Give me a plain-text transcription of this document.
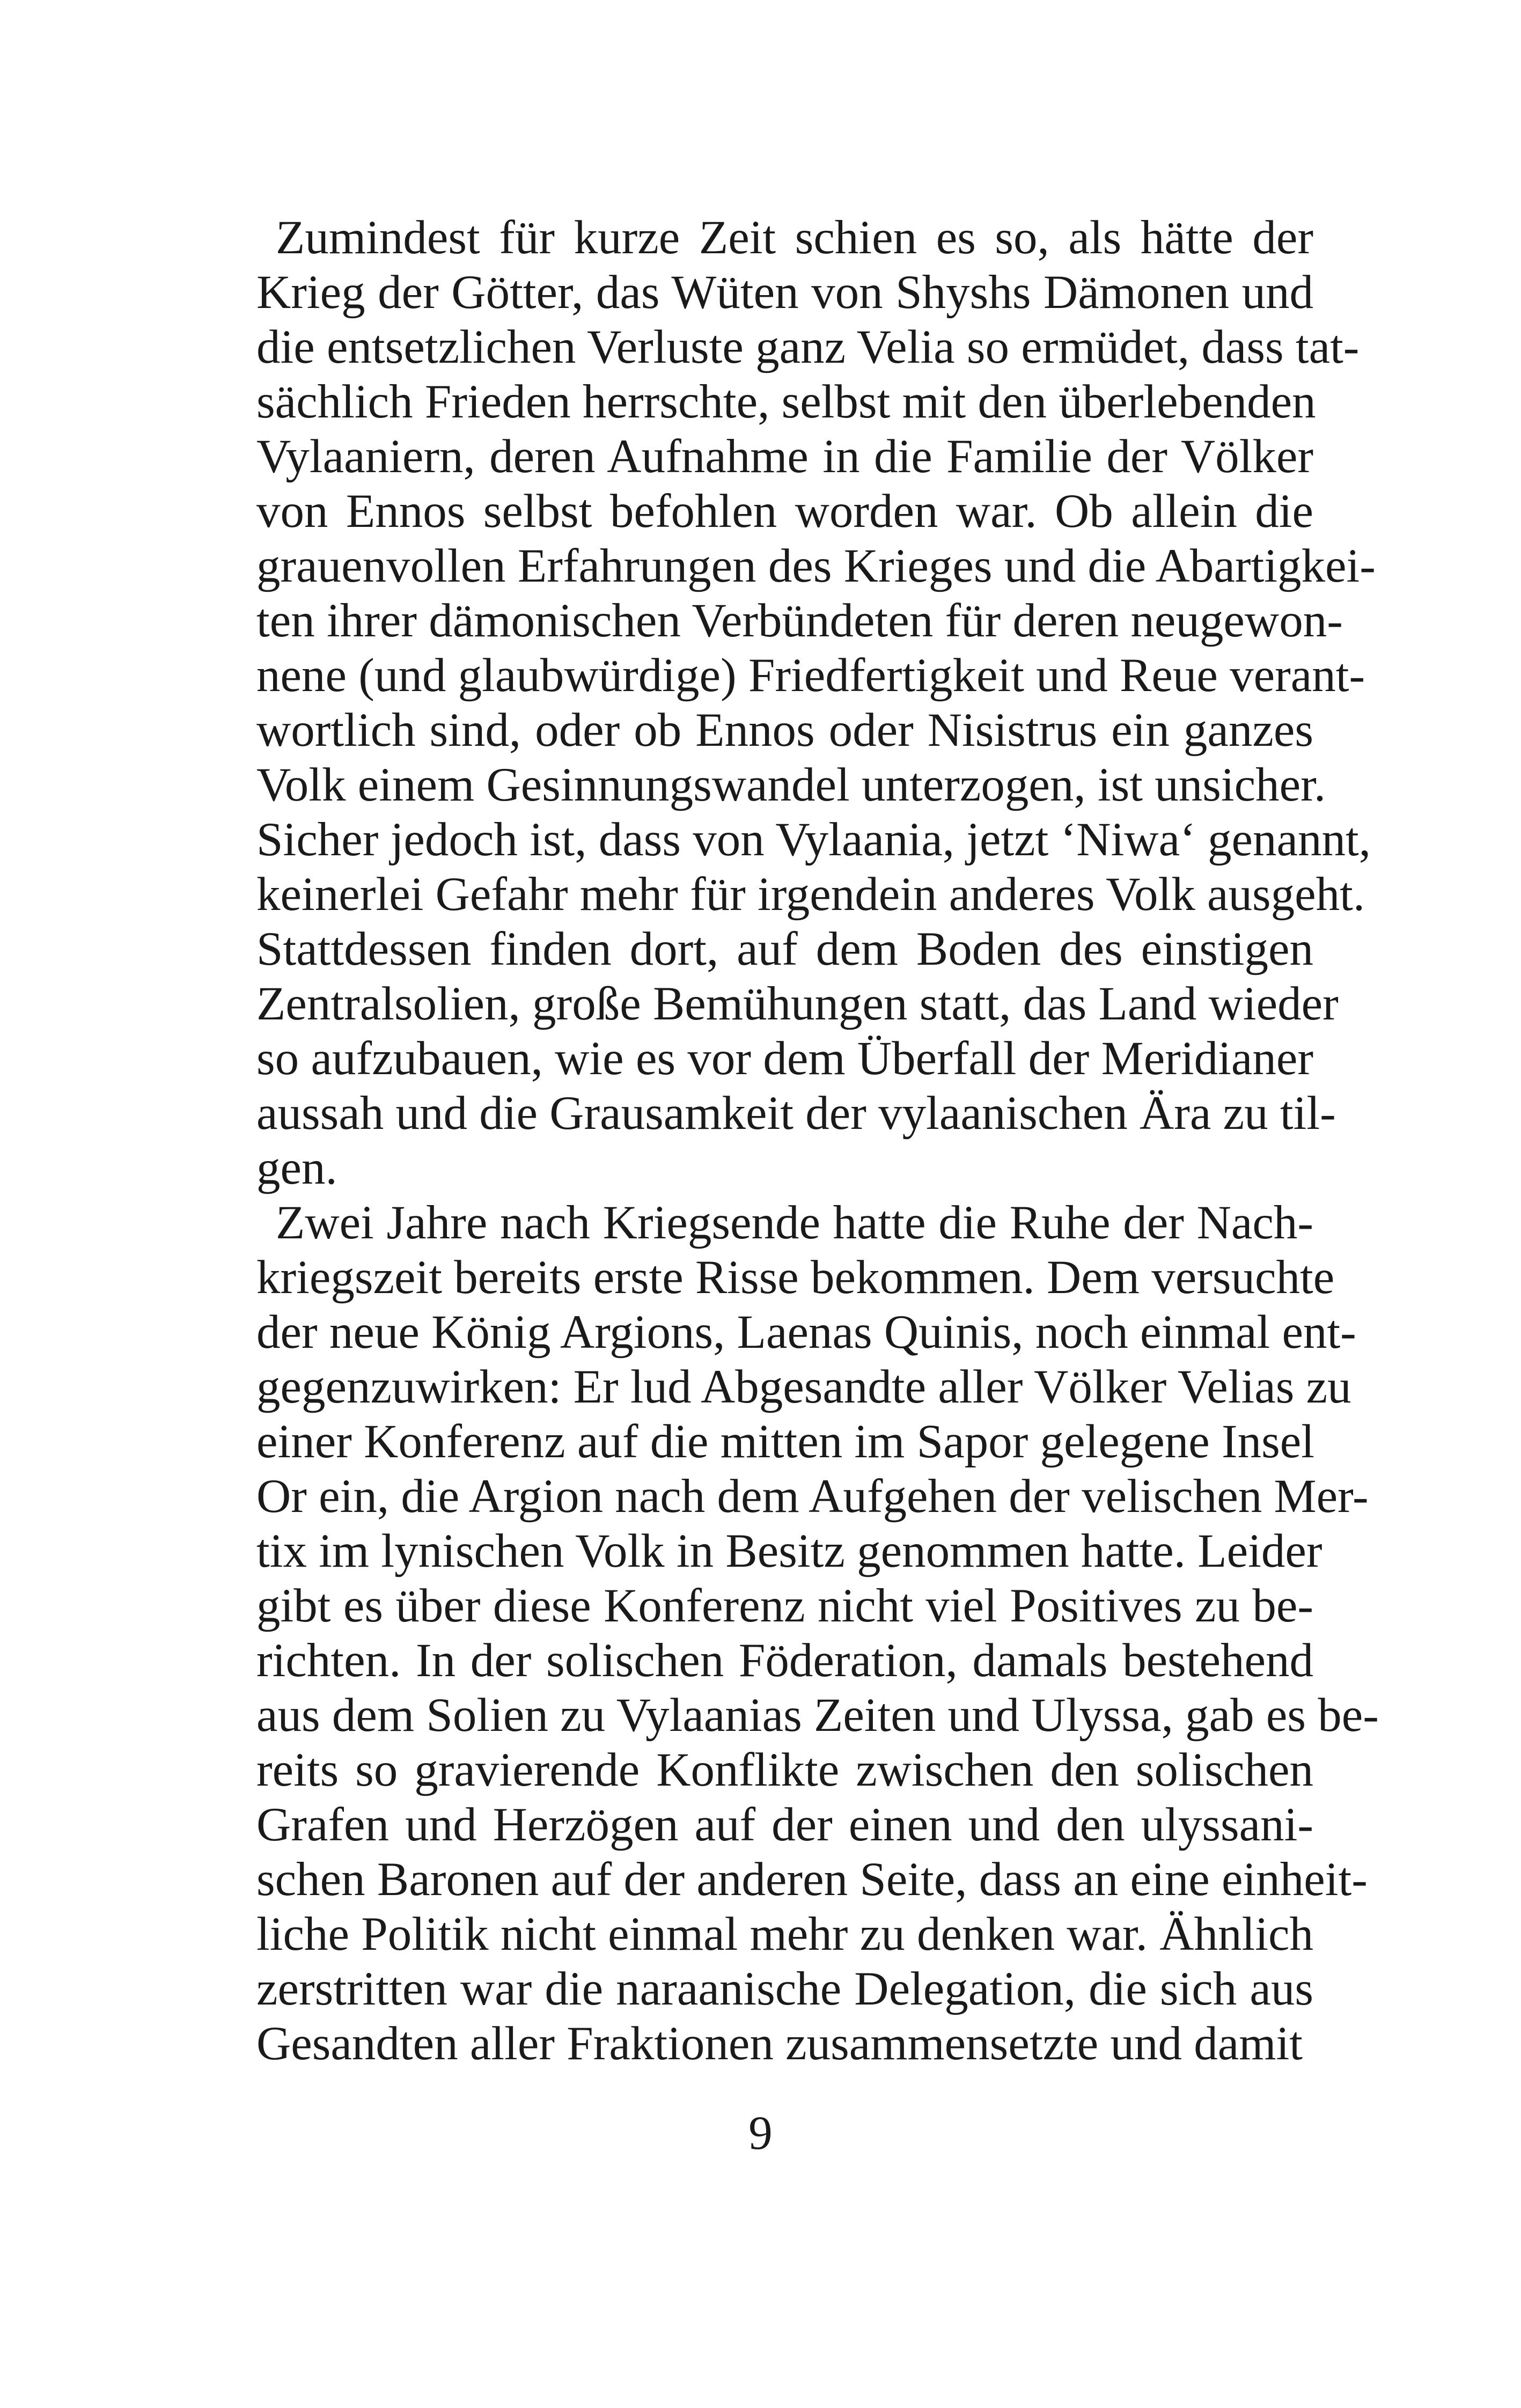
Zumindest für kurze Zeit schien es so, als hätte der
Krieg der Götter, das Wüten von Shyshs Dämonen und
die entsetzlichen Verluste ganz Velia so ermüdet, dass tat-
sächlich Frieden herrschte, selbst mit den überlebenden
Vylaaniern, deren Aufnahme in die Familie der Völker
von Ennos selbst befohlen worden war. Ob allein die
grauenvollen Erfahrungen des Krieges und die Abartigkei-
ten ihrer dämonischen Verbündeten für deren neugewon-
nene (und glaubwürdige) Friedfertigkeit und Reue verant-
wortlich sind, oder ob Ennos oder Nisistrus ein ganzes
Volk einem Gesinnungswandel unterzogen, ist unsicher.
Sicher jedoch ist, dass von Vylaania, jetzt ‘Niwa‘ genannt,
keinerlei Gefahr mehr für irgendein anderes Volk ausgeht.
Stattdessen finden dort, auf dem Boden des einstigen
Zentralsolien, große Bemühungen statt, das Land wieder
so aufzubauen, wie es vor dem Überfall der Meridianer
aussah und die Grausamkeit der vylaanischen Ära zu til-
gen.
Zwei Jahre nach Kriegsende hatte die Ruhe der Nach-
kriegszeit bereits erste Risse bekommen. Dem versuchte
der neue König Argions, Laenas Quinis, noch einmal ent-
gegenzuwirken: Er lud Abgesandte aller Völker Velias zu
einer Konferenz auf die mitten im Sapor gelegene Insel
Or ein, die Argion nach dem Aufgehen der velischen Mer-
tix im lynischen Volk in Besitz genommen hatte. Leider
gibt es über diese Konferenz nicht viel Positives zu be-
richten. In der solischen Föderation, damals bestehend
aus dem Solien zu Vylaanias Zeiten und Ulyssa, gab es be-
reits so gravierende Konflikte zwischen den solischen
Grafen und Herzögen auf der einen und den ulyssani-
schen Baronen auf der anderen Seite, dass an eine einheit-
liche Politik nicht einmal mehr zu denken war. Ähnlich
zerstritten war die naraanische Delegation, die sich aus
Gesandten aller Fraktionen zusammensetzte und damit
9
